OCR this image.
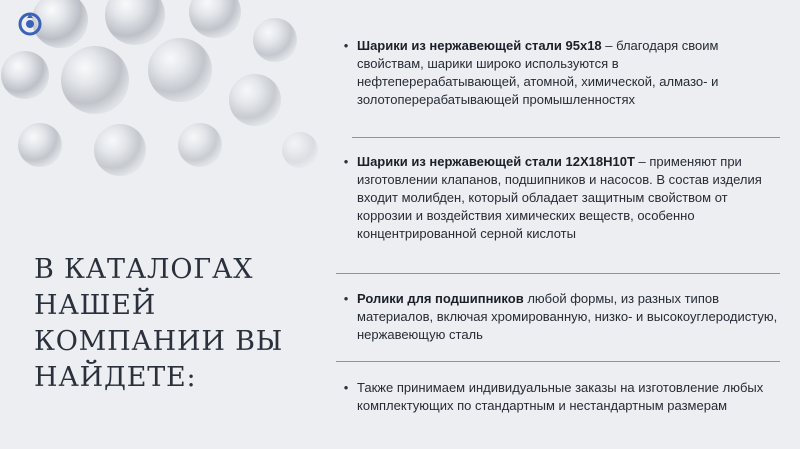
В КАТАЛОГАХ НАШЕЙ КОМПАНИИ ВЫ НАЙДЕТЕ:
• Шарики из нержавеющей стали 95х18 – благодаря своим свойствам, шарики широко используются в нефтеперерабатывающей, атомной, химической, алмазо- и золотоперерабатывающей промышленностях

• Шарики из нержавеющей стали 12Х18Н10Т – применяют при изготовлении клапанов, подшипников и насосов. В состав изделия входит молибден, который обладает защитным свойством от коррозии и воздействия химических веществ, особенно концентрированной серной кислоты

• Ролики для подшипников любой формы, из разных типов материалов, включая хромированную, низко- и высокоуглеродистую, нержавеющую сталь

• Также принимаем индивидуальные заказы на изготовление любых комплектующих по стандартным и нестандартным размерам
